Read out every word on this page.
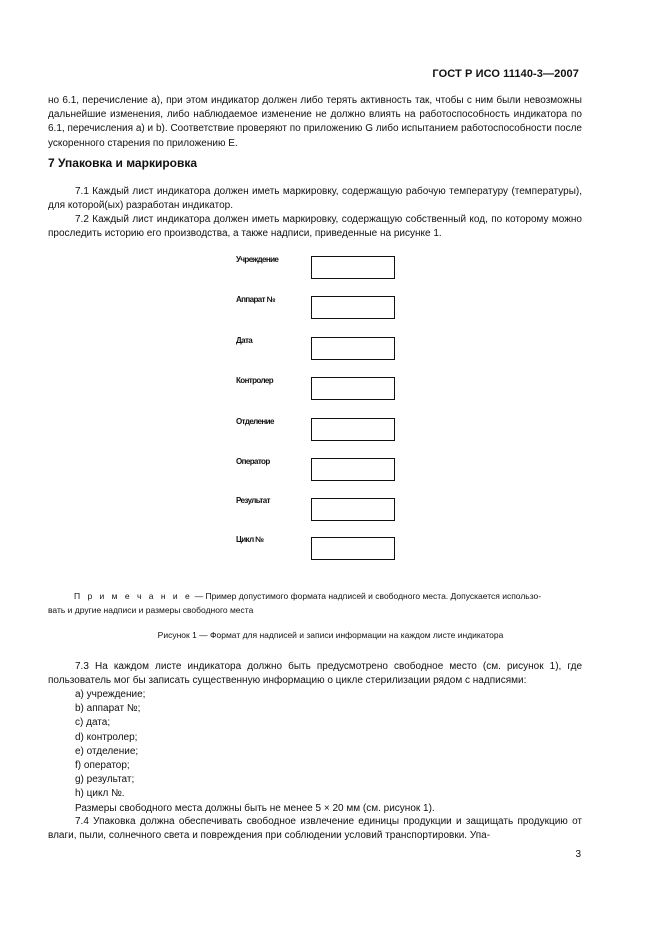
ГОСТ Р ИСО 11140-3—2007

но 6.1, перечисление а), при этом индикатор должен либо терять активность так, чтобы с ним были невозможны дальнейшие изменения, либо наблюдаемое изменение не должно влиять на работоспособность индикатора по 6.1, перечисления а) и b). Соответствие проверяют по приложению G либо испытанием работоспособности после ускоренного старения по приложению Е.

7 Упаковка и маркировка

7.1 Каждый лист индикатора должен иметь маркировку, содержащую рабочую температуру (температуры), для которой(ых) разработан индикатор.

7.2 Каждый лист индикатора должен иметь маркировку, содержащую собственный код, по которому можно проследить историю его производства, а также надписи, приведенные на рисунке 1.

Учреждение
Аппарат №
Дата
Контролер
Отделение
Оператор
Результат
Цикл №

П р и м е ч а н и е — Пример допустимого формата надписей и свободного места. Допускается использо-
вать и другие надписи и размеры свободного места

Рисунок 1 — Формат для надписей и записи информации на каждом листе индикатора

7.3 На каждом листе индикатора должно быть предусмотрено свободное место (см. рисунок 1), где пользователь мог бы записать существенную информацию о цикле стерилизации рядом с надписями:

a) учреждение;
b) аппарат №;
c) дата;
d) контролер;
e) отделение;
f) оператор;
g) результат;
h) цикл №.
Размеры свободного места должны быть не менее 5 × 20 мм (см. рисунок 1).

7.4 Упаковка должна обеспечивать свободное извлечение единицы продукции и защищать продукцию от влаги, пыли, солнечного света и повреждения при соблюдении условий транспортировки. Упа-

3
